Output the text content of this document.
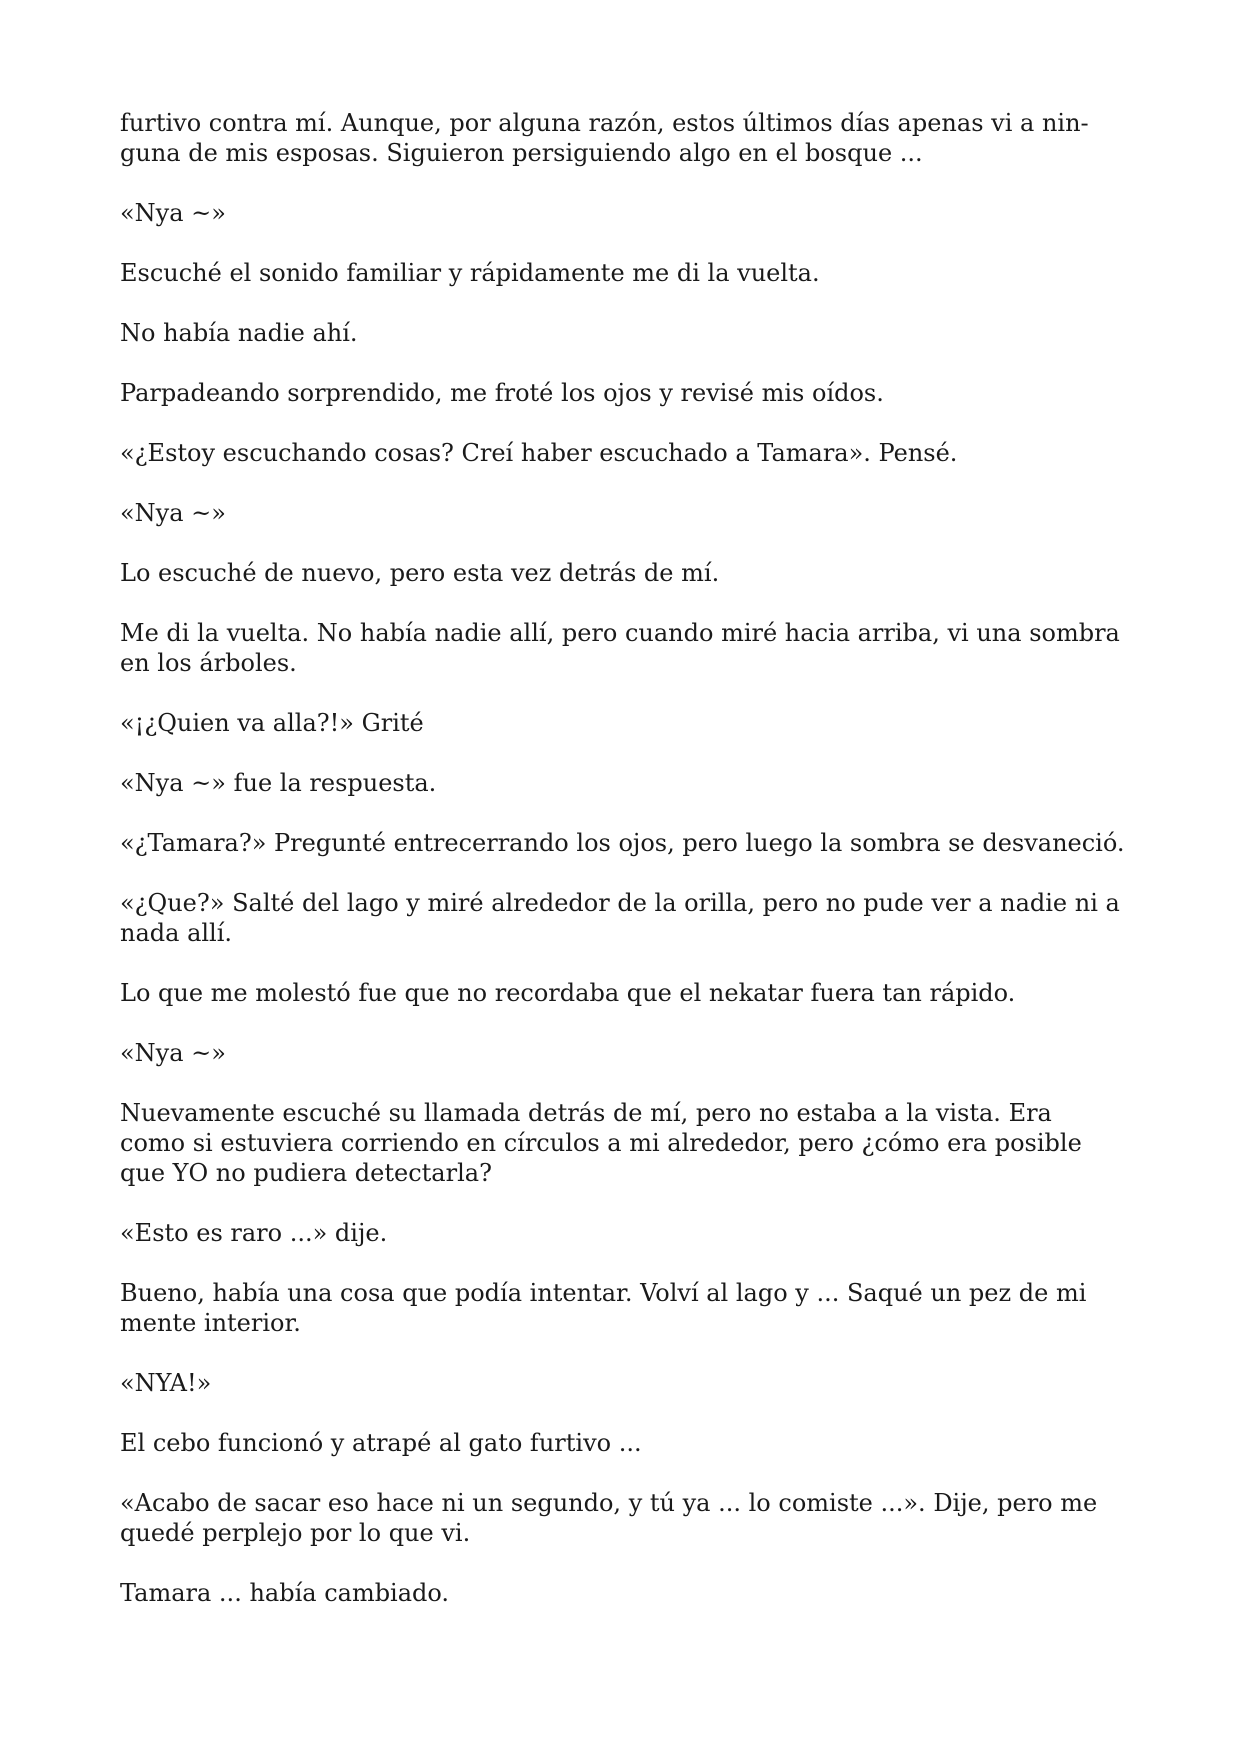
furtivo contra mí. Aunque, por alguna razón, estos últimos días apenas vi a nin-
guna de mis esposas. Siguieron persiguiendo algo en el bosque ...

«Nya ~»

Escuché el sonido familiar y rápidamente me di la vuelta.

No había nadie ahí.

Parpadeando sorprendido, me froté los ojos y revisé mis oídos.

«¿Estoy escuchando cosas? Creí haber escuchado a Tamara». Pensé.

«Nya ~»

Lo escuché de nuevo, pero esta vez detrás de mí.

Me di la vuelta. No había nadie allí, pero cuando miré hacia arriba, vi una sombra
en los árboles.

«¡¿Quien va alla?!» Grité

«Nya ~» fue la respuesta.

«¿Tamara?» Pregunté entrecerrando los ojos, pero luego la sombra se desvaneció.

«¿Que?» Salté del lago y miré alrededor de la orilla, pero no pude ver a nadie ni a
nada allí.

Lo que me molestó fue que no recordaba que el nekatar fuera tan rápido.

«Nya ~»

Nuevamente escuché su llamada detrás de mí, pero no estaba a la vista. Era
como si estuviera corriendo en círculos a mi alrededor, pero ¿cómo era posible
que YO no pudiera detectarla?

«Esto es raro ...» dije.

Bueno, había una cosa que podía intentar. Volví al lago y ... Saqué un pez de mi
mente interior.

«NYA!»

El cebo funcionó y atrapé al gato furtivo ...

«Acabo de sacar eso hace ni un segundo, y tú ya ... lo comiste ...». Dije, pero me
quedé perplejo por lo que vi.

Tamara ... había cambiado.
